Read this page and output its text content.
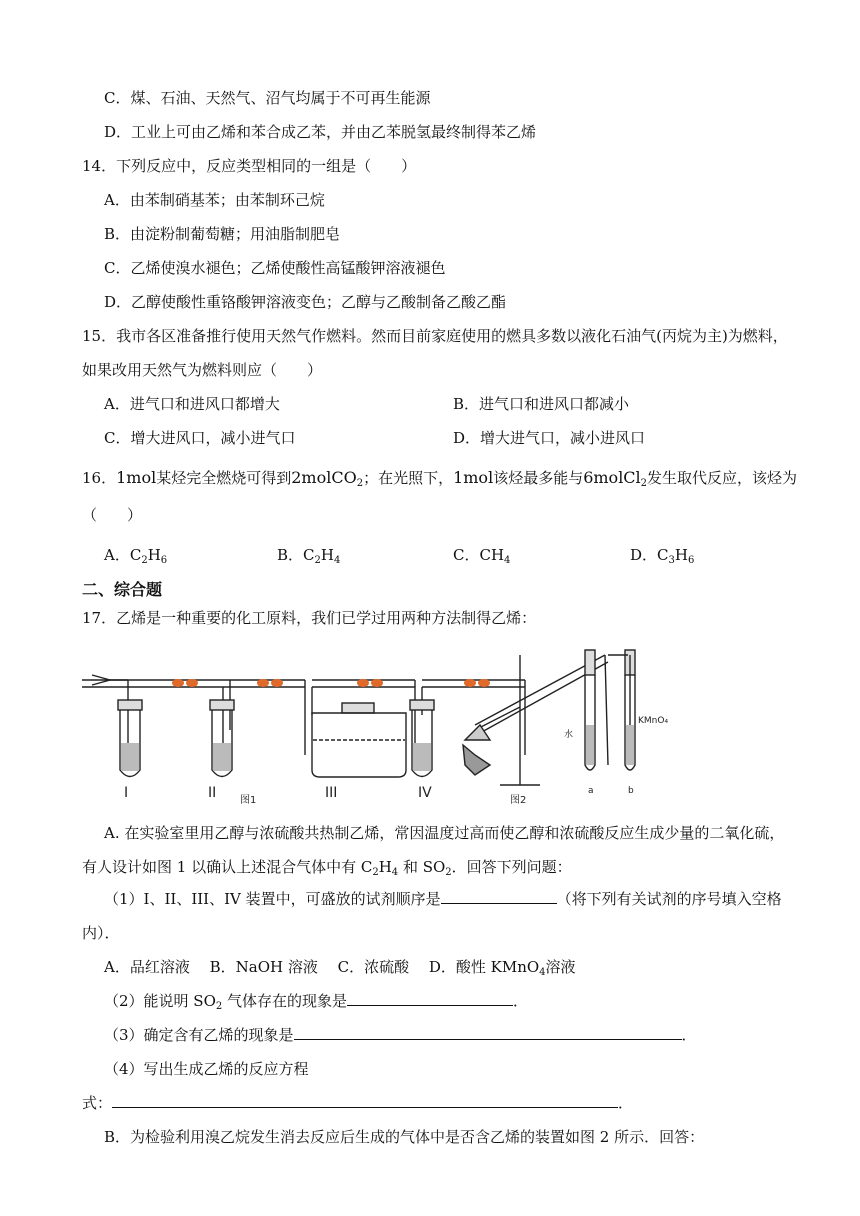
C．煤、石油、天然气、沼气均属于不可再生能源
D．工业上可由乙烯和苯合成乙苯，并由乙苯脱氢最终制得苯乙烯
14．下列反应中，反应类型相同的一组是（　　）
A．由苯制硝基苯；由苯制环己烷
B．由淀粉制葡萄糖；用油脂制肥皂
C．乙烯使溴水褪色；乙烯使酸性高锰酸钾溶液褪色
D．乙醇使酸性重铬酸钾溶液变色；乙醇与乙酸制备乙酸乙酯
15．我市各区准备推行使用天然气作燃料。然而目前家庭使用的燃具多数以液化石油气(丙烷为主)为燃料，
如果改用天然气为燃料则应（　　）
A．进气口和进风口都增大	B．进气口和进风口都减小
C．增大进风口，减小进气口	D．增大进气口，减小进风口
16．1mol某烃完全燃烧可得到2molCO$_2$；在光照下，1mol该烃最多能与6molCl$_2$发生取代反应，该烃为
（　　）
A．$C_2H_6$	B．$C_2H_4$	C．$CH_4$	D．$C_3H_6$
二、综合题
17．乙烯是一种重要的化工原料，我们已学过用两种方法制得乙烯：
I	II	III	IV
图1	图2
水
KMnO₄
a	b
A. 在实验室里用乙醇与浓硫酸共热制乙烯，常因温度过高而使乙醇和浓硫酸反应生成少量的二氧化硫，
有人设计如图 1 以确认上述混合气体中有 $C_2H_4$ 和 $SO_2$．回答下列问题：
（1）I、II、III、IV 装置中，可盛放的试剂顺序是	（将下列有关试剂的序号填入空格
内）．
A．品红溶液　 B．NaOH 溶液　 C．浓硫酸　 D．酸性 KMnO$_4$溶液
（2）能说明 $SO_2$ 气体存在的现象是	．
（3）确定含有乙烯的现象是	．
（4）写出生成乙烯的反应方程
式：	．
B．为检验利用溴乙烷发生消去反应后生成的气体中是否含乙烯的装置如图 2 所示．回答：
